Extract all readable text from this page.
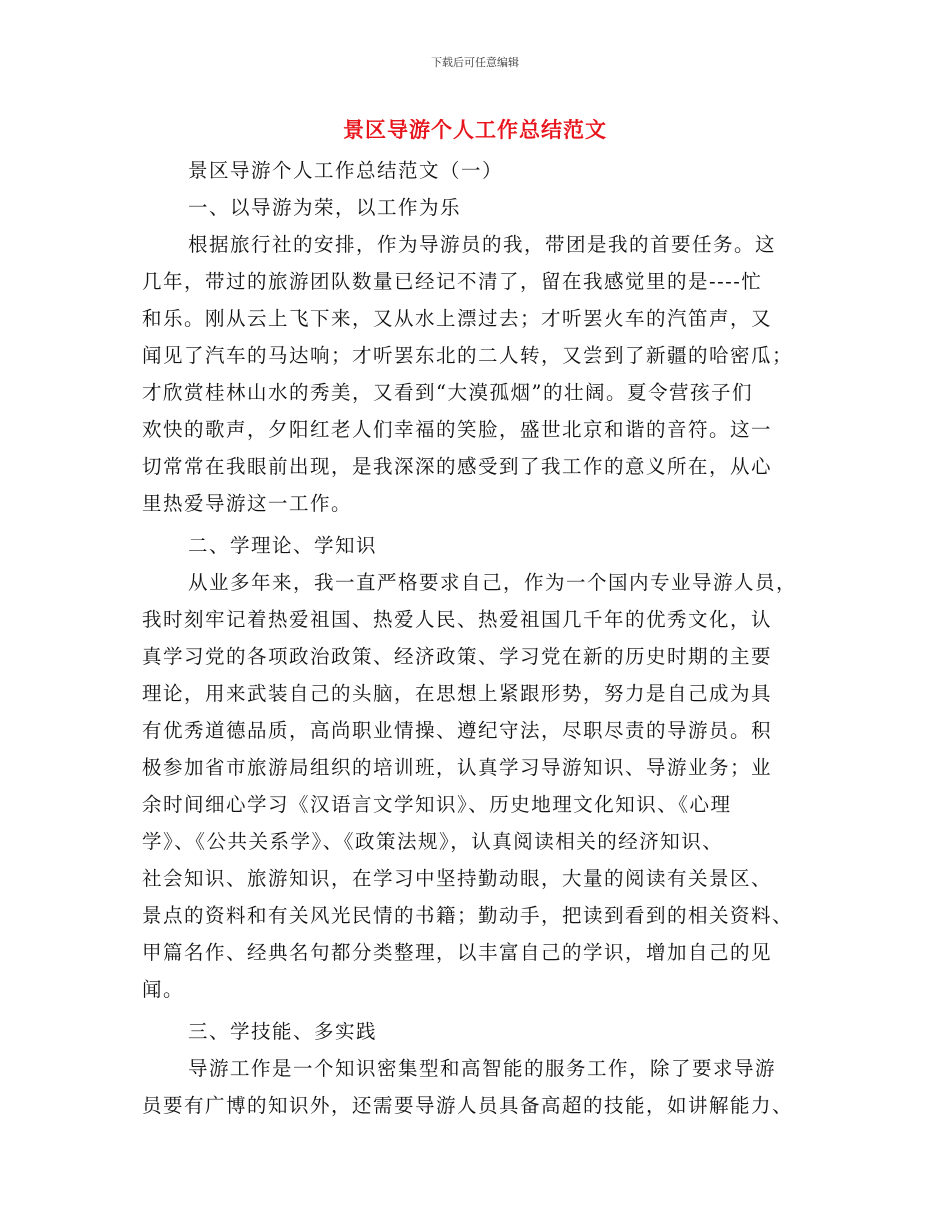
下载后可任意编辑
景区导游个人工作总结范文
景区导游个人工作总结范文（一）
一、以导游为荣，以工作为乐
根据旅行社的安排，作为导游员的我，带团是我的首要任务。这
几年，带过的旅游团队数量已经记不清了，留在我感觉里的是----忙
和乐。刚从云上飞下来，又从水上漂过去；才听罢火车的汽笛声，又
闻见了汽车的马达响；才听罢东北的二人转，又尝到了新疆的哈密瓜；
才欣赏桂林山水的秀美，又看到“大漠孤烟”的壮阔。夏令营孩子们
欢快的歌声，夕阳红老人们幸福的笑脸，盛世北京和谐的音符。这一
切常常在我眼前出现，是我深深的感受到了我工作的意义所在，从心
里热爱导游这一工作。
二、学理论、学知识
从业多年来，我一直严格要求自己，作为一个国内专业导游人员，
我时刻牢记着热爱祖国、热爱人民、热爱祖国几千年的优秀文化，认
真学习党的各项政治政策、经济政策、学习党在新的历史时期的主要
理论，用来武装自己的头脑，在思想上紧跟形势，努力是自己成为具
有优秀道德品质，高尚职业情操、遵纪守法，尽职尽责的导游员。积
极参加省市旅游局组织的培训班，认真学习导游知识、导游业务；业
余时间细心学习《汉语言文学知识》、历史地理文化知识、《心理
学》、《公共关系学》、《政策法规》，认真阅读相关的经济知识、
社会知识、旅游知识，在学习中坚持勤动眼，大量的阅读有关景区、
景点的资料和有关风光民情的书籍；勤动手，把读到看到的相关资料、
甲篇名作、经典名句都分类整理，以丰富自己的学识，增加自己的见
闻。
三、学技能、多实践
导游工作是一个知识密集型和高智能的服务工作，除了要求导游
员要有广博的知识外，还需要导游人员具备高超的技能，如讲解能力、
